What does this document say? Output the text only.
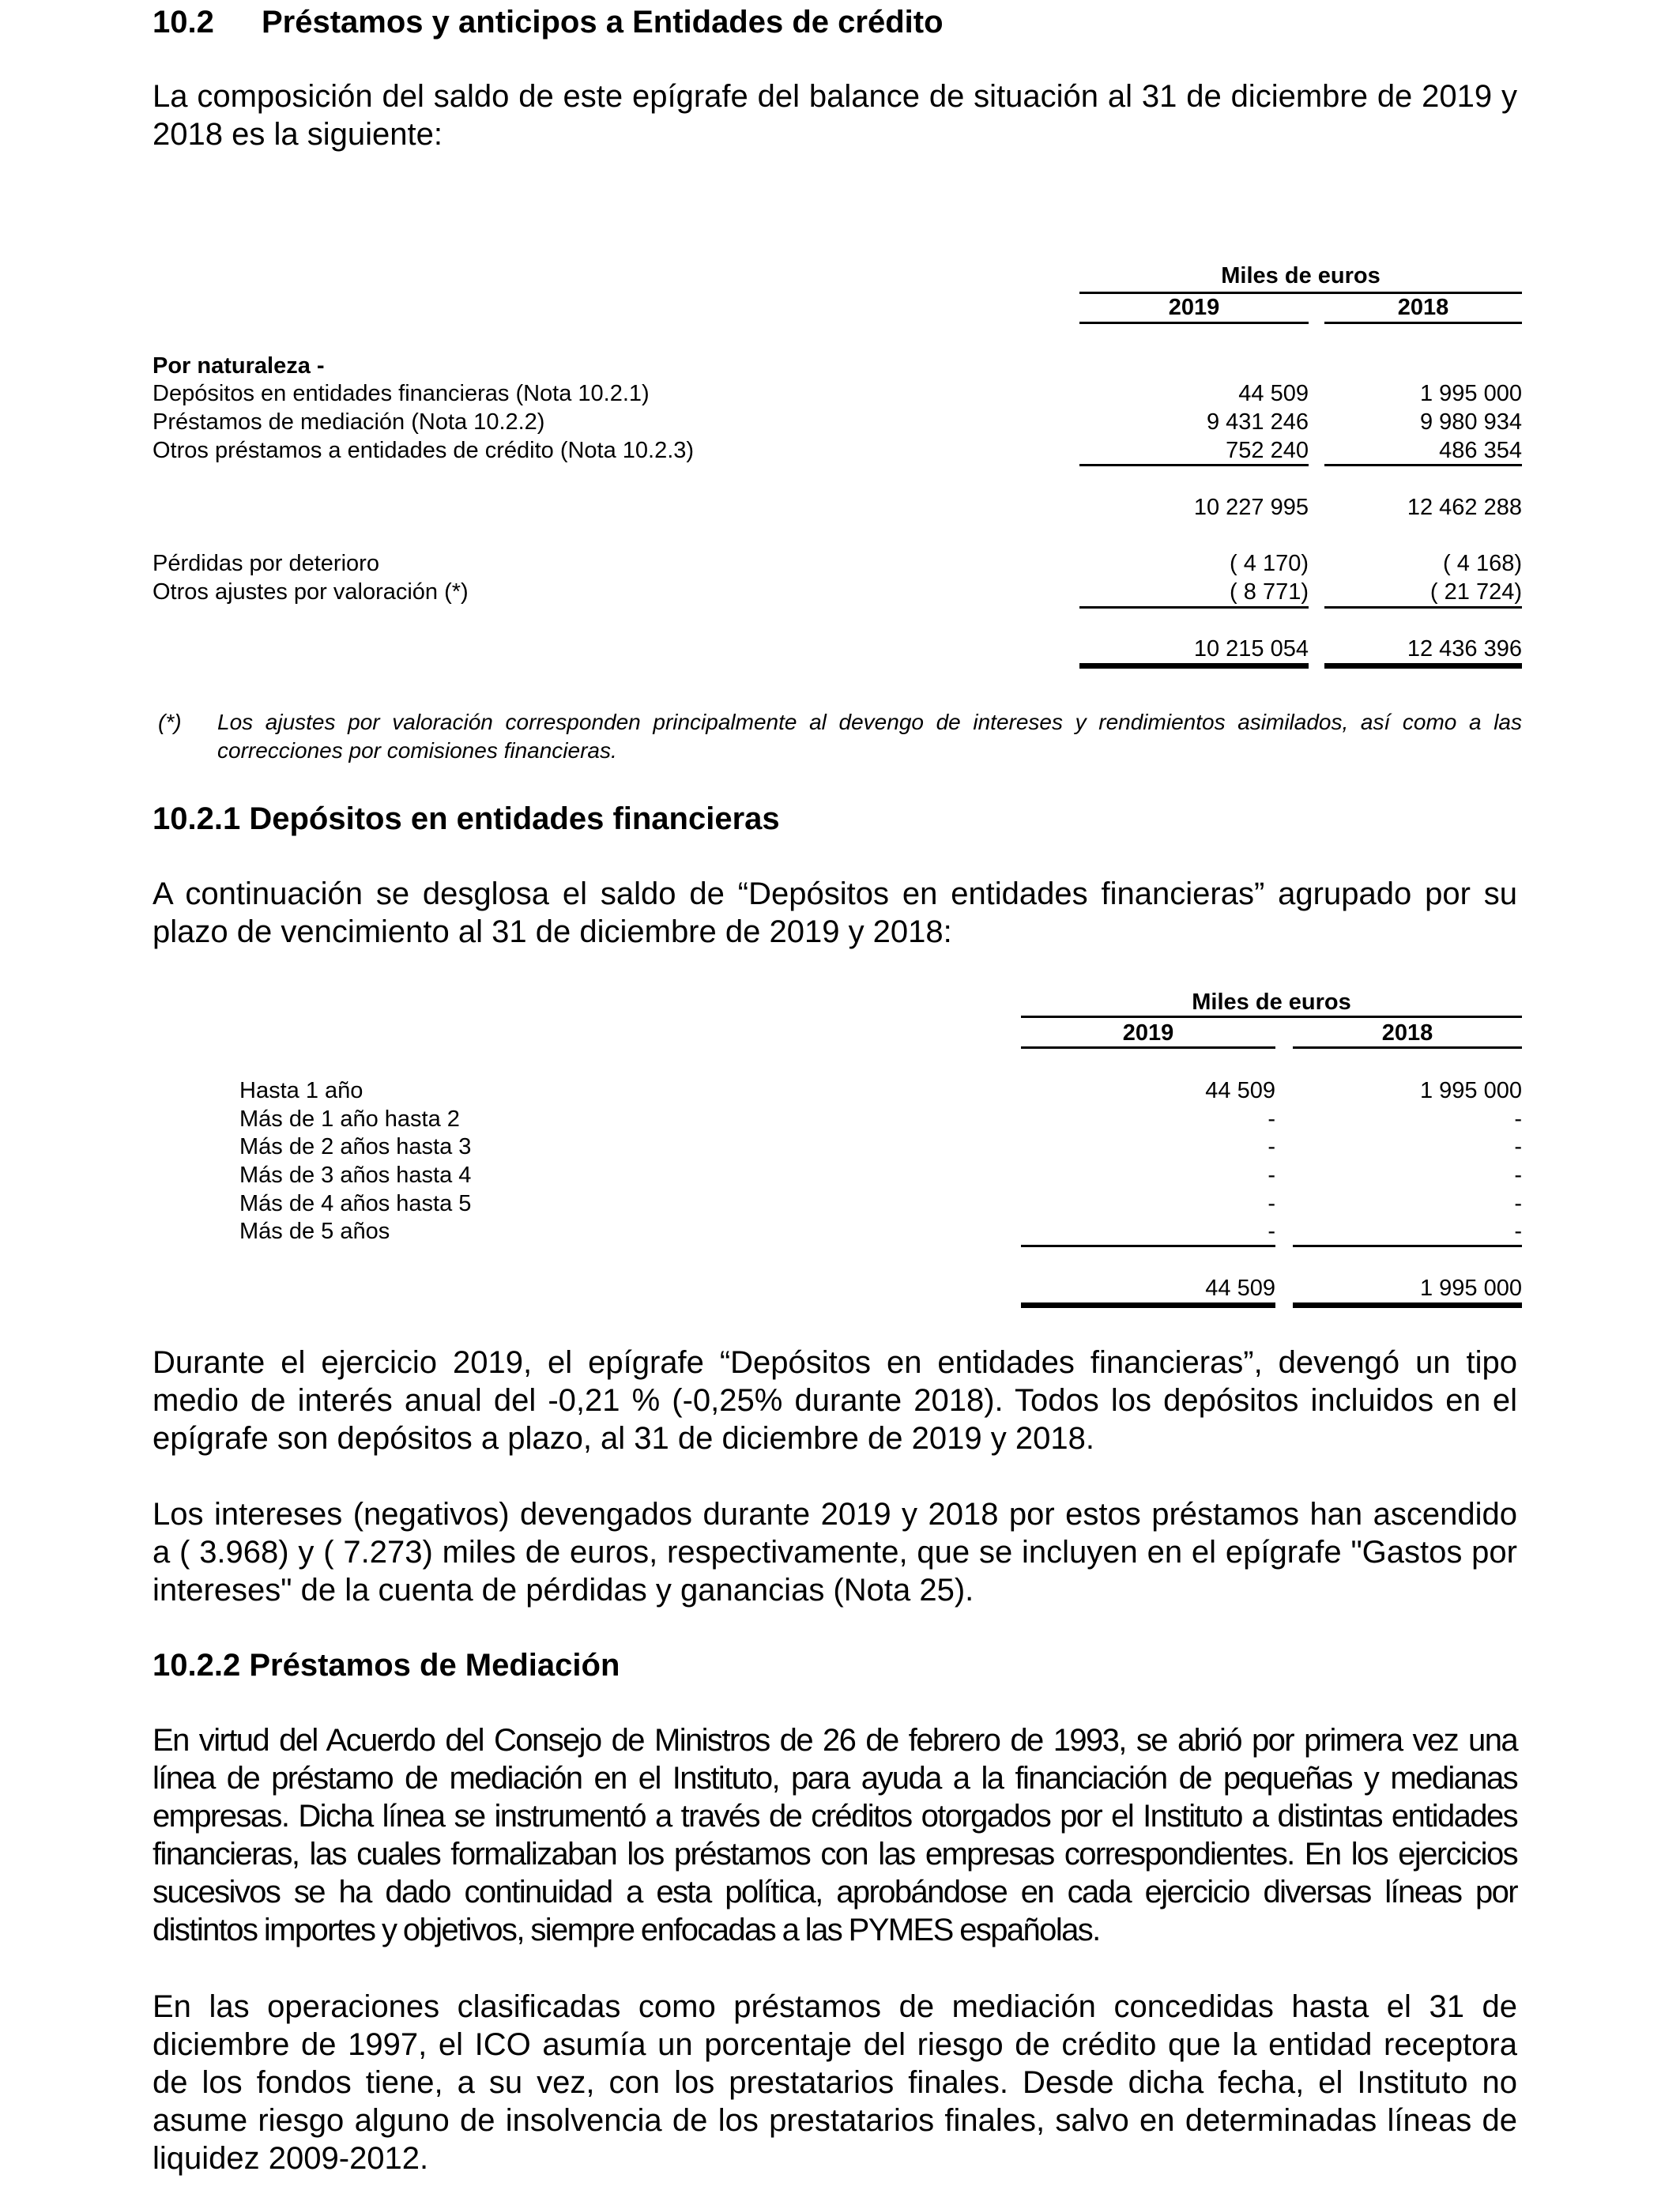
10.2 Préstamos y anticipos a Entidades de crédito
La composición del saldo de este epígrafe del balance de situación al 31 de diciembre de 2019 y 2018 es la siguiente:
Miles de euros
2019	2018
Por naturaleza -
Depósitos en entidades financieras (Nota 10.2.1)	44 509	1 995 000
Préstamos de mediación (Nota 10.2.2)	9 431 246	9 980 934
Otros préstamos a entidades de crédito (Nota 10.2.3)	752 240	486 354
10 227 995	12 462 288
Pérdidas por deterioro	( 4 170)	( 4 168)
Otros ajustes por valoración (*)	( 8 771)	( 21 724)
10 215 054	12 436 396
(*) Los ajustes por valoración corresponden principalmente al devengo de intereses y rendimientos asimilados, así como a las correcciones por comisiones financieras.
10.2.1 Depósitos en entidades financieras
A continuación se desglosa el saldo de “Depósitos en entidades financieras” agrupado por su plazo de vencimiento al 31 de diciembre de 2019 y 2018:
Miles de euros
2019	2018
Hasta 1 año	44 509	1 995 000
Más de 1 año hasta 2	-	-
Más de 2 años hasta 3	-	-
Más de 3 años hasta 4	-	-
Más de 4 años hasta 5	-	-
Más de 5 años	-	-
44 509	1 995 000
Durante el ejercicio 2019, el epígrafe “Depósitos en entidades financieras”, devengó un tipo medio de interés anual del -0,21 % (-0,25% durante 2018). Todos los depósitos incluidos en el epígrafe son depósitos a plazo, al 31 de diciembre de 2019 y 2018.
Los intereses (negativos) devengados durante 2019 y 2018 por estos préstamos han ascendido a ( 3.968) y ( 7.273) miles de euros, respectivamente, que se incluyen en el epígrafe "Gastos por intereses" de la cuenta de pérdidas y ganancias (Nota 25).
10.2.2 Préstamos de Mediación
En virtud del Acuerdo del Consejo de Ministros de 26 de febrero de 1993, se abrió por primera vez una línea de préstamo de mediación en el Instituto, para ayuda a la financiación de pequeñas y medianas empresas. Dicha línea se instrumentó a través de créditos otorgados por el Instituto a distintas entidades financieras, las cuales formalizaban los préstamos con las empresas correspondientes. En los ejercicios sucesivos se ha dado continuidad a esta política, aprobándose en cada ejercicio diversas líneas por distintos importes y objetivos, siempre enfocadas a las PYMES españolas.
En las operaciones clasificadas como préstamos de mediación concedidas hasta el 31 de diciembre de 1997, el ICO asumía un porcentaje del riesgo de crédito que la entidad receptora de los fondos tiene, a su vez, con los prestatarios finales. Desde dicha fecha, el Instituto no asume riesgo alguno de insolvencia de los prestatarios finales, salvo en determinadas líneas de liquidez 2009-2012.
